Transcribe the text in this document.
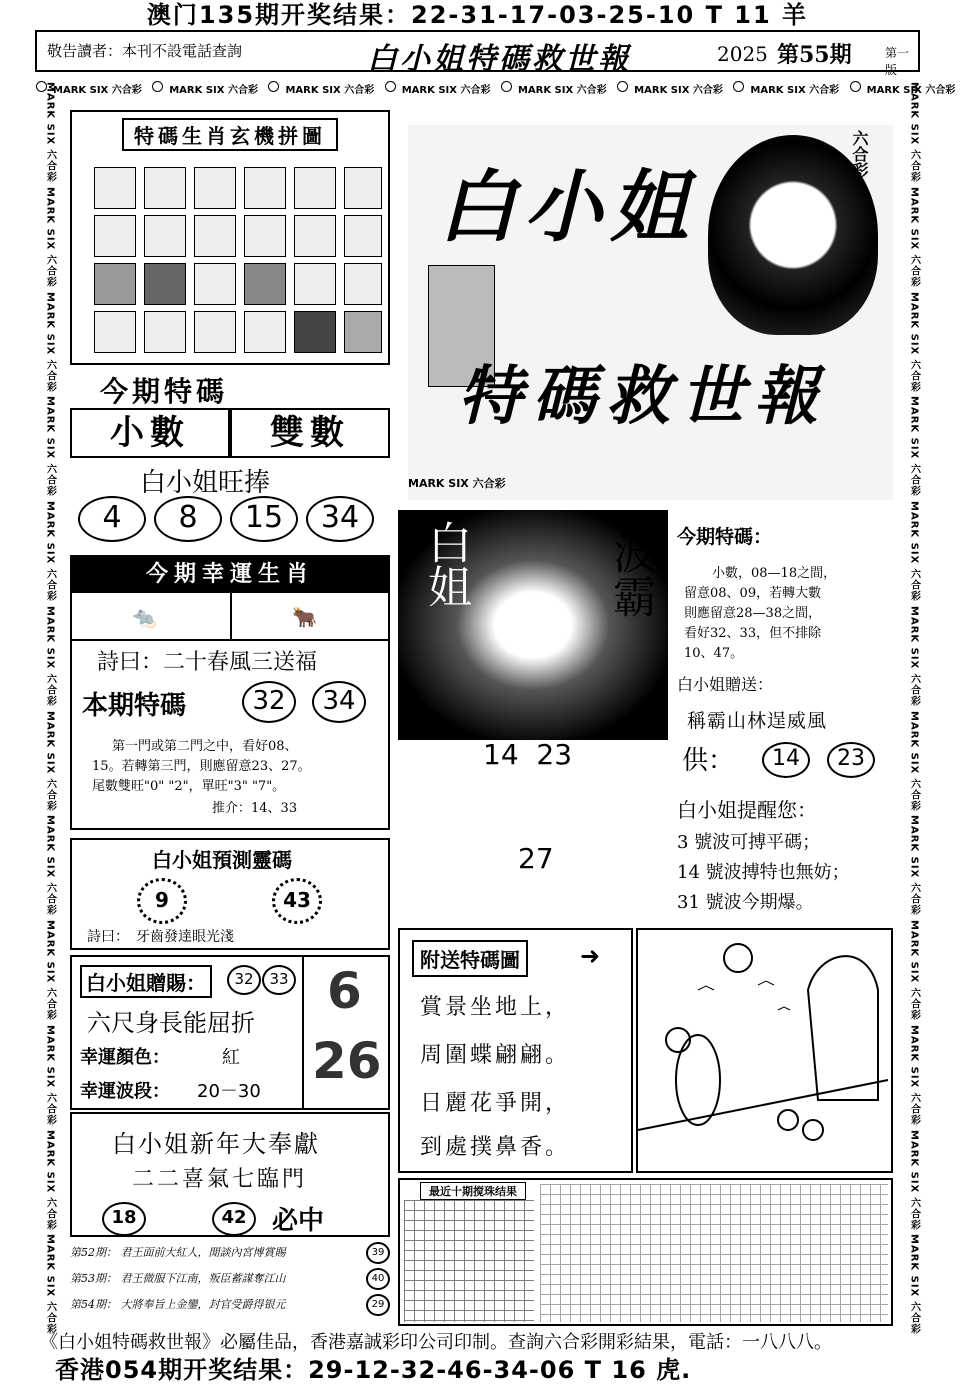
澳门135期开奖结果：22-31-17-03-25-10 T 11 羊
敬告讀者：本刊不設電話查詢	白小姐特碼救世報	2025 第55期	第一版
MARK SIX 六合彩	MARK SIX 六合彩	MARK SIX 六合彩	MARK SIX 六合彩	MARK SIX 六合彩	MARK SIX 六合彩	MARK SIX 六合彩	MARK SIX 六合彩
MARK SIX 六合彩
MARK SIX 六合彩
MARK SIX 六合彩
MARK SIX 六合彩
MARK SIX 六合彩
MARK SIX 六合彩
MARK SIX 六合彩
MARK SIX 六合彩
MARK SIX 六合彩
MARK SIX 六合彩
MARK SIX 六合彩
MARK SIX 六合彩
MARK SIX 六合彩
MARK SIX 六合彩
MARK SIX 六合彩
MARK SIX 六合彩
MARK SIX 六合彩
MARK SIX 六合彩
MARK SIX 六合彩
MARK SIX 六合彩
MARK SIX 六合彩
MARK SIX 六合彩
MARK SIX 六合彩
MARK SIX 六合彩
特碼生肖玄機拼圖	六合彩
白小姐
特碼救世報
MARK SIX 六合彩
今期特碼
小數	雙數
白小姐旺捧
4 8 15 34
今期幸運生肖
🐀	🐂
詩曰：二十春風三送福
本期特碼	32	34
第一門或第二門之中，看好08、
15。若轉第三門，則應留意23、27。
尾數雙旺"0" "2"，單旺"3" "7"。
推介：14、33
白姐	波霸
14  23
27
今期特碼：
小數，08—18之間，
留意08、09，若轉大數
則應留意28—38之間，
看好32、33，但不排除
10、47。
白小姐贈送：
稱霸山林逞威風
供：	14	23
白小姐提醒您：
3 號波可搏平碼；
14 號波搏特也無妨；
31 號波今期爆。
白小姐預測靈碼
9	43
詩曰：　牙齒發達眼光淺
白小姐贈賜：	32	33
六尺身長能屈折
幸運顏色：	紅
幸運波段： 20－30
6
26
白小姐新年大奉獻
二二喜氣七臨門
18	42 必中
第52期： 君王面前大紅人，閒談內宮博賞賜	39
第53期： 君王微服下江南，叛臣蓄謀奪江山	40
第54期： 大將奉旨上金鑾，封官受爵得银元	29
附送特碼圖	➜
賞景坐地上，
周圍蝶翩翩。
日麗花爭開，
到處撲鼻香。
最近十期搅珠结果
《白小姐特碼救世報》必屬佳品，香港嘉誠彩印公司印制。查詢六合彩開彩結果，電話：一八八八。
香港054期开奖结果：29-12-32-46-34-06 T 16 虎.
